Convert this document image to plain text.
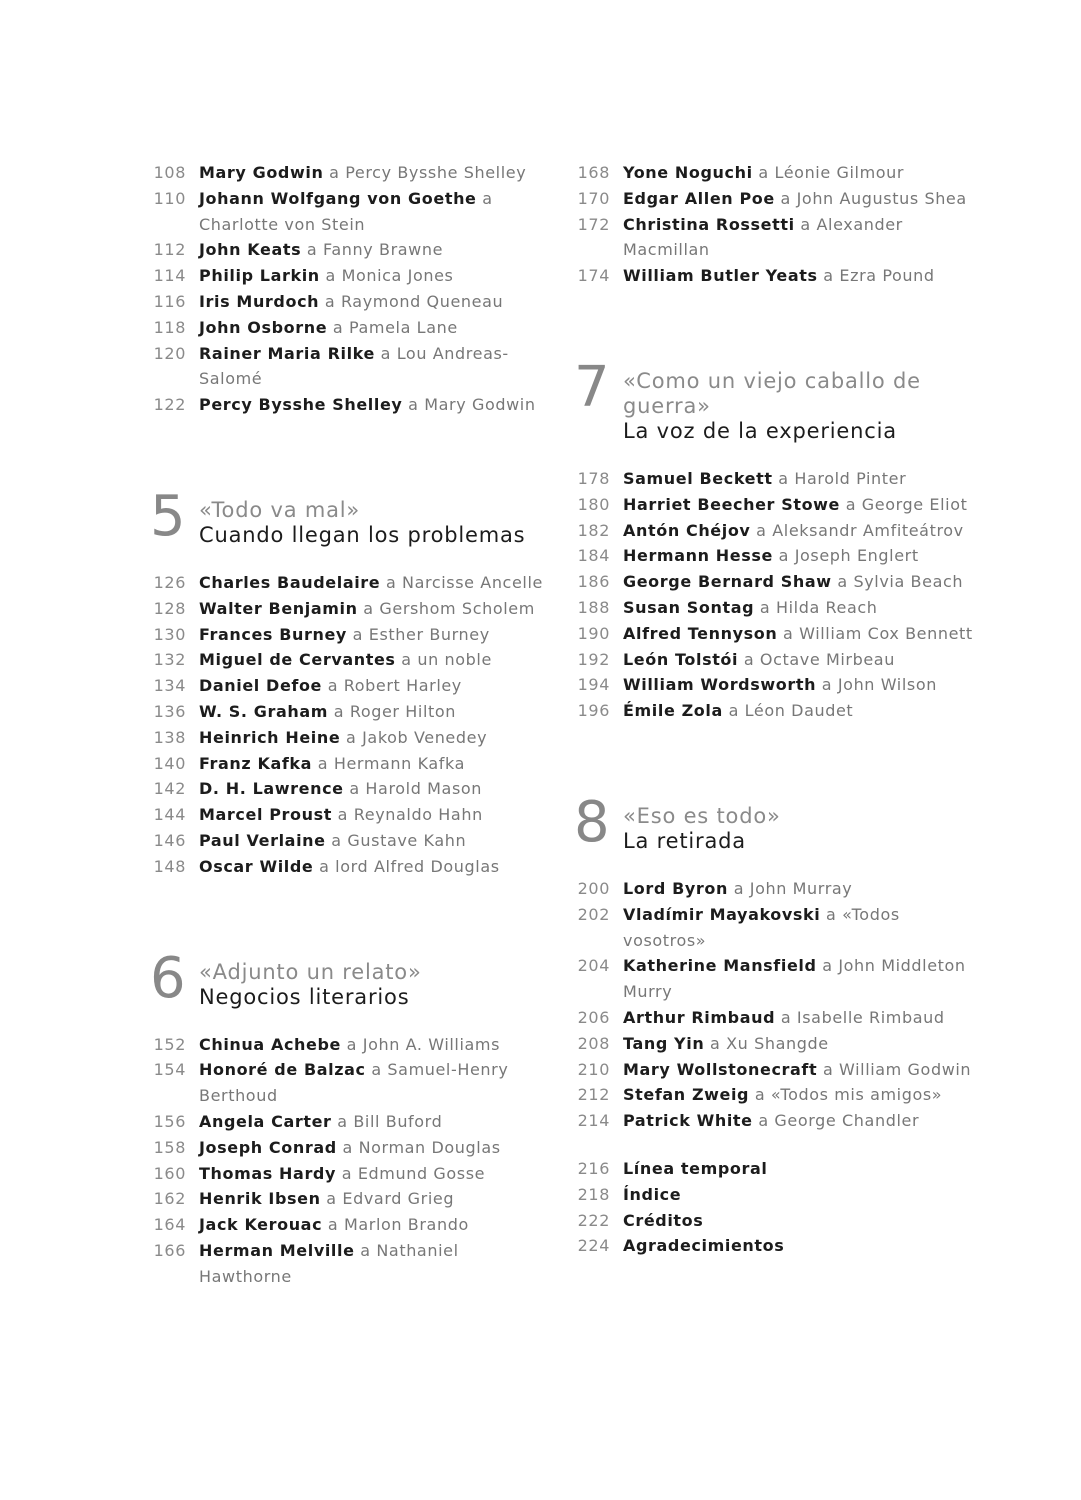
108 Mary Godwin a Percy Bysshe Shelley
110 Johann Wolfgang von Goethe a Charlotte von Stein
112 John Keats a Fanny Brawne
114 Philip Larkin a Monica Jones
116 Iris Murdoch a Raymond Queneau
118 John Osborne a Pamela Lane
120 Rainer Maria Rilke a Lou Andreas-Salomé
122 Percy Bysshe Shelley a Mary Godwin
5 «Todo va mal»
Cuando llegan los problemas
126 Charles Baudelaire a Narcisse Ancelle
128 Walter Benjamin a Gershom Scholem
130 Frances Burney a Esther Burney
132 Miguel de Cervantes a un noble
134 Daniel Defoe a Robert Harley
136 W. S. Graham a Roger Hilton
138 Heinrich Heine a Jakob Venedey
140 Franz Kafka a Hermann Kafka
142 D. H. Lawrence a Harold Mason
144 Marcel Proust a Reynaldo Hahn
146 Paul Verlaine a Gustave Kahn
148 Oscar Wilde a lord Alfred Douglas
6 «Adjunto un relato»
Negocios literarios
152 Chinua Achebe a John A. Williams
154 Honoré de Balzac a Samuel-Henry Berthoud
156 Angela Carter a Bill Buford
158 Joseph Conrad a Norman Douglas
160 Thomas Hardy a Edmund Gosse
162 Henrik Ibsen a Edvard Grieg
164 Jack Kerouac a Marlon Brando
166 Herman Melville a Nathaniel Hawthorne
168 Yone Noguchi a Léonie Gilmour
170 Edgar Allen Poe a John Augustus Shea
172 Christina Rossetti a Alexander Macmillan
174 William Butler Yeats a Ezra Pound
7 «Como un viejo caballo de guerra»
La voz de la experiencia
178 Samuel Beckett a Harold Pinter
180 Harriet Beecher Stowe a George Eliot
182 Antón Chéjov a Aleksandr Amfiteátrov
184 Hermann Hesse a Joseph Englert
186 George Bernard Shaw a Sylvia Beach
188 Susan Sontag a Hilda Reach
190 Alfred Tennyson a William Cox Bennett
192 León Tolstói a Octave Mirbeau
194 William Wordsworth a John Wilson
196 Émile Zola a Léon Daudet
8 «Eso es todo»
La retirada
200 Lord Byron a John Murray
202 Vladímir Mayakovski a «Todos vosotros»
204 Katherine Mansfield a John Middleton Murry
206 Arthur Rimbaud a Isabelle Rimbaud
208 Tang Yin a Xu Shangde
210 Mary Wollstonecraft a William Godwin
212 Stefan Zweig a «Todos mis amigos»
214 Patrick White a George Chandler
216 Línea temporal
218 Índice
222 Créditos
224 Agradecimientos
